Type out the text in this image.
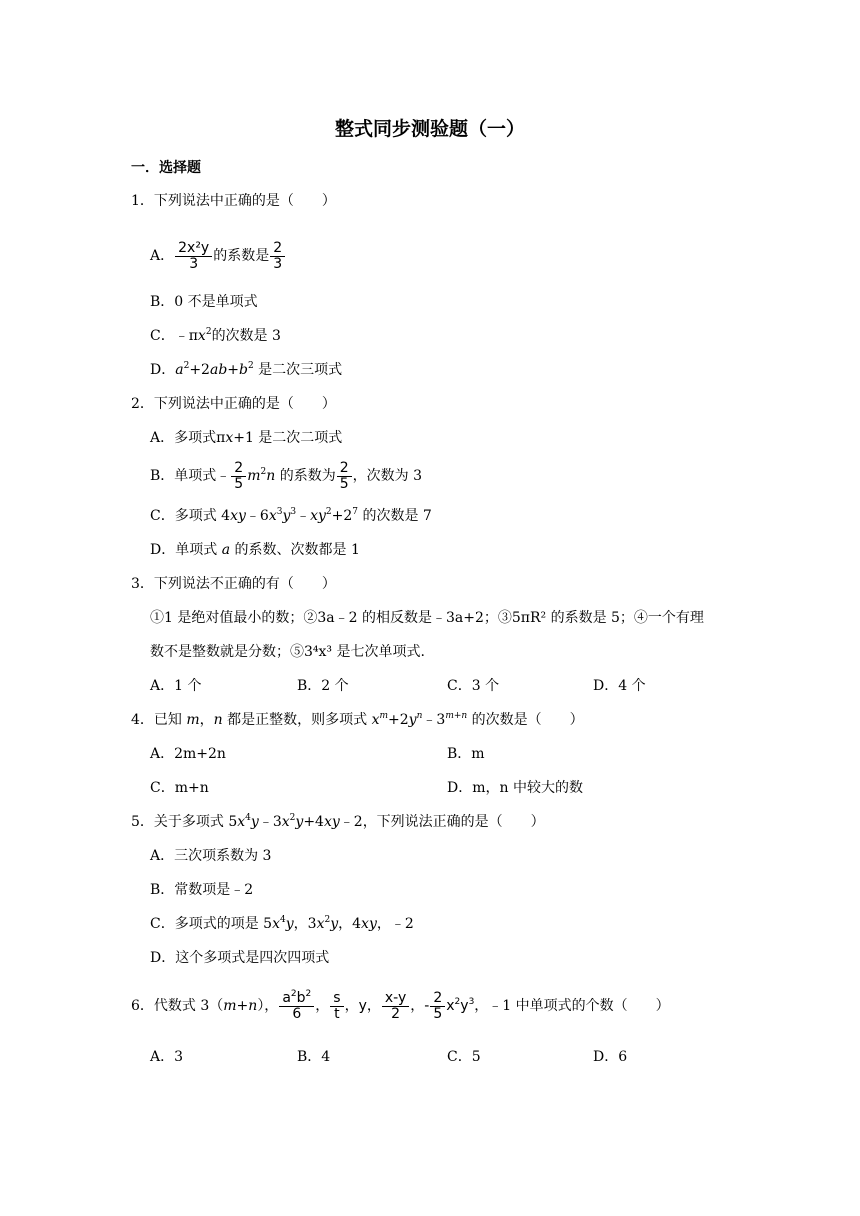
整式同步测验题（一）
一．选择题
1．下列说法中正确的是（　　）
A． $\frac{\text{2x²y}}{3}$ 的系数是 $\frac{2}{3}$
B．0 不是单项式
C．$﹣\pi x^2$的次数是 3
D．$a^2+2ab+b^2$ 是二次三项式
2．下列说法中正确的是（　　）
A．多项式πx+1 是二次二项式
B．单项式﹣ $\frac{2}{5} m^2n$ 的系数为 $\frac{2}{5}$ ，次数为 3
C．多项式 $4xy﹣6x^3y^3﹣xy^2+2^7$ 的次数是 7
D．单项式 a 的系数、次数都是 1
3．下列说法不正确的有（　　）
①1 是绝对值最小的数；②3a﹣2 的相反数是﹣3a+2；③5πR² 的系数是 5；④一个有理
数不是整数就是分数；⑤3⁴x³ 是七次单项式.
A．1 个	B．2 个	C．3 个	D．4 个
4．已知 m，n 都是正整数，则多项式 $x^m+2y^n﹣3^{m+n}$ 的次数是（　　）
A．2m+2n	B．m
C．m+n	D．m，n 中较大的数
5．关于多项式 $5x^4y﹣3x^2y+4xy﹣2$，下列说法正确的是（　　）
A．三次项系数为 3
B．常数项是﹣2
C．多项式的项是 $5x^4y$，$3x^2y$，4xy，﹣2
D．这个多项式是四次四项式
6．代数式 3（m+n）， $\frac{a^2b^2}{6}$ ， $\frac{s}{t}$ ，y， $\frac{x-y}{2}$ ，- $\frac{2}{5} x^2y^3$，﹣1 中单项式的个数（　　）
A．3	B．4	C．5	D．6
